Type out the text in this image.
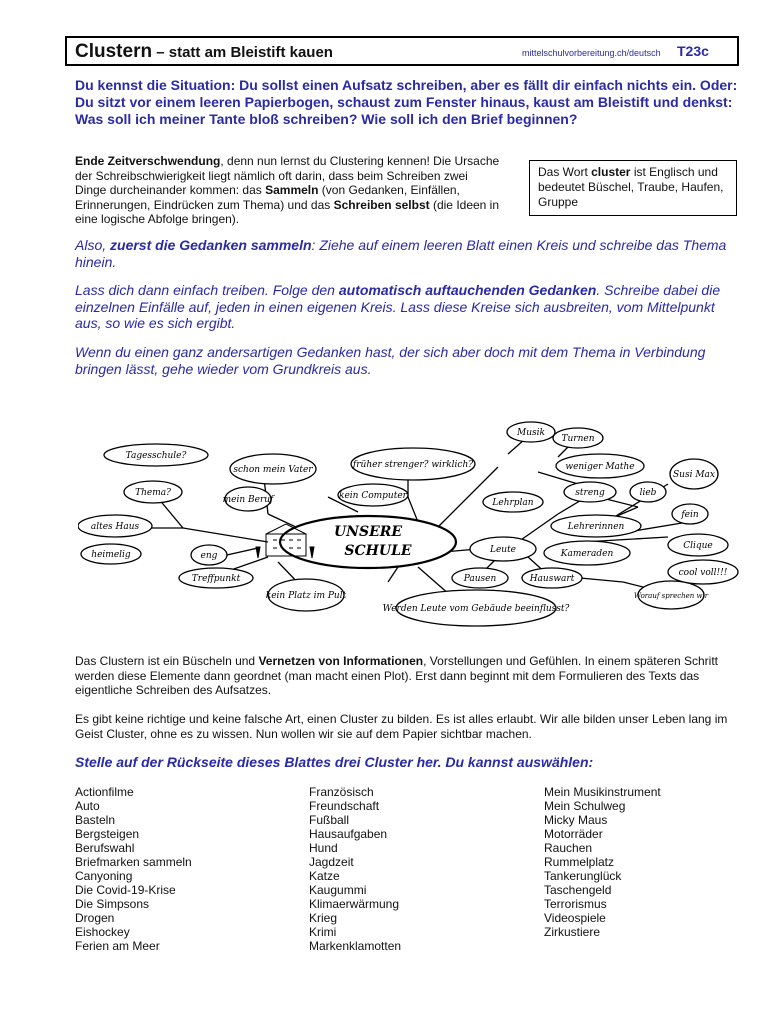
Clustern – statt am Bleistift kauen	mittelschulvorbereitung.ch/deutsch T23c
Du kennst die Situation: Du sollst einen Aufsatz schreiben, aber es fällt dir einfach nichts ein. Oder: Du sitzt vor einem leeren Papierbogen, schaust zum Fenster hinaus, kaust am Bleistift und denkst: Was soll ich meiner Tante bloß schreiben? Wie soll ich den Brief beginnen?
Ende Zeitverschwendung, denn nun lernst du Clustering kennen! Die Ursache der Schreibschwierigkeit liegt nämlich oft darin, dass beim Schreiben zwei Dinge durcheinander kommen: das Sammeln (von Gedanken, Einfällen, Erinnerungen, Eindrücken zum Thema) und das Schreiben selbst (die Ideen in eine logische Abfolge bringen).
Das Wort cluster ist Englisch und bedeutet Büschel, Traube, Haufen, Gruppe
Also, zuerst die Gedanken sammeln: Ziehe auf einem leeren Blatt einen Kreis und schreibe das Thema hinein.
Lass dich dann einfach treiben. Folge den automatisch auftauchenden Gedanken. Schreibe dabei die einzelnen Einfälle auf, jeden in einen eigenen Kreis. Lass diese Kreise sich ausbreiten, vom Mittelpunkt aus, so wie es sich ergibt.
Wenn du einen ganz andersartigen Gedanken hast, der sich aber doch mit dem Thema in Verbindung bringen lässt, gehe wieder vom Grundkreis aus.
UNSERE
SCHULE
Tagesschule?
Thema?
altes Haus
heimelig	eng
Treffpunkt
kein Platz im Pult
schon mein Vater
mein Beruf
früher strenger? wirklich?
kein Computer
Musik
Turnen
Lehrplan
weniger Mathe
streng	lieb
Susi Max
Lehrerinnen
fein
Leute	Kameraden
Clique
Pausen	Hauswart
Worauf sprechen wir
cool voll!!!
Werden Leute vom Gebäude beeinflusst?
Das Clustern ist ein Büscheln und Vernetzen von Informationen, Vorstellungen und Gefühlen. In einem späteren Schritt werden diese Elemente dann geordnet (man macht einen Plot). Erst dann beginnt mit dem Formulieren des Texts das eigentliche Schreiben des Aufsatzes.
Es gibt keine richtige und keine falsche Art, einen Cluster zu bilden. Es ist alles erlaubt. Wir alle bilden unser Leben lang im Geist Cluster, ohne es zu wissen. Nun wollen wir sie auf dem Papier sichtbar machen.
Stelle auf der Rückseite dieses Blattes drei Cluster her. Du kannst auswählen:
Actionfilme
Auto
Basteln
Bergsteigen
Berufswahl
Briefmarken sammeln
Canyoning
Die Covid-19-Krise
Die Simpsons
Drogen
Eishockey
Ferien am Meer
Französisch
Freundschaft
Fußball
Hausaufgaben
Hund
Jagdzeit
Katze
Kaugummi
Klimaerwärmung
Krieg
Krimi
Markenklamotten
Mein Musikinstrument
Mein Schulweg
Micky Maus
Motorräder
Rauchen
Rummelplatz
Tankerunglück
Taschengeld
Terrorismus
Videospiele
Zirkustiere
